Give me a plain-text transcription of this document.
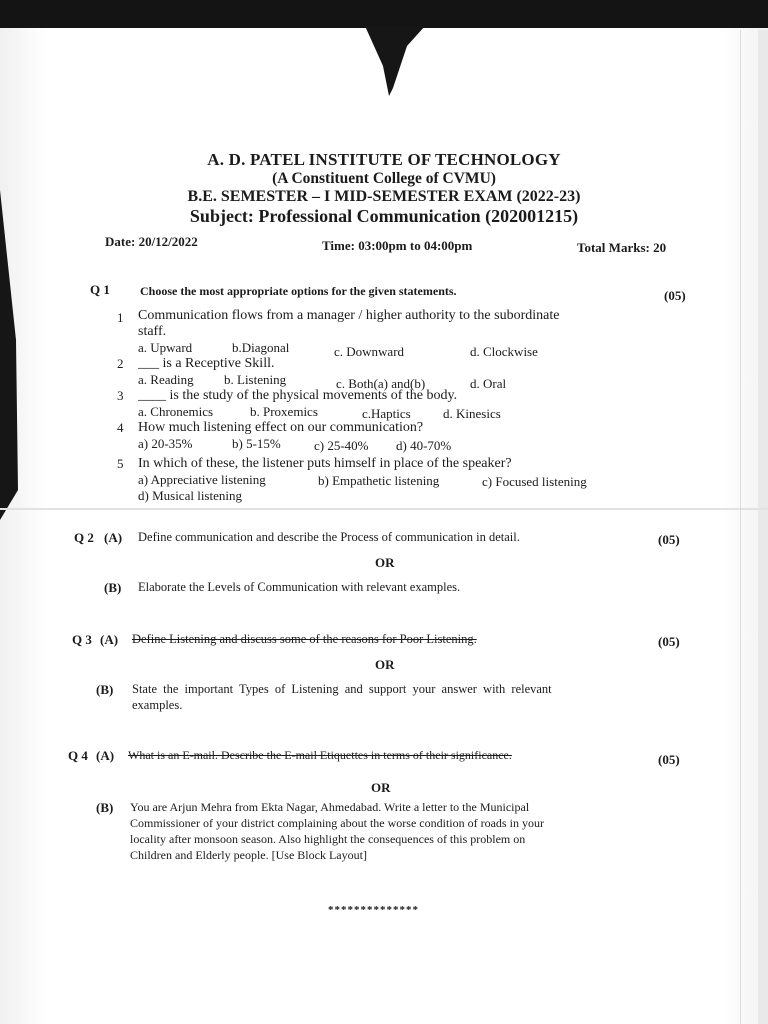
A. D. PATEL INSTITUTE OF TECHNOLOGY
(A Constituent College of CVMU)
B.E. SEMESTER – I MID-SEMESTER EXAM (2022-23)
Subject: Professional Communication (202001215)
Date: 20/12/2022	Time: 03:00pm to 04:00pm	Total Marks: 20
Q 1	Choose the most appropriate options for the given statements.	(05)
1 Communication flows from a manager / higher authority to the subordinate
staff.
a. Upward	b.Diagonal	c. Downward	d. Clockwise
2 ___ is a Receptive Skill.
a. Reading b. Listening	c. Both(a) and(b)	d. Oral
3 ____ is the study of the physical movements of the body.
a. Chronemics	b. Proxemics	c.Haptics d. Kinesics
4 How much listening effect on our communication?
a) 20-35%	b) 5-15%	c) 25-40% d) 40-70%
5 In which of these, the listener puts himself in place of the speaker?
a) Appreciative listening	b) Empathetic listening	c) Focused listening
d) Musical listening
Q 2 (A) Define communication and describe the Process of communication in detail.	(05)
OR
(B) Elaborate the Levels of Communication with relevant examples.
Q 3 (A) Define Listening and discuss some of the reasons for Poor Listening.	(05)
OR
(B) State the important Types of Listening and support your answer with relevant
examples.
Q 4 (A) What is an E-mail. Describe the E-mail Etiquettes in terms of their significance.	(05)
OR
(B) You are Arjun Mehra from Ekta Nagar, Ahmedabad. Write a letter to the Municipal
Commissioner of your district complaining about the worse condition of roads in your
locality after monsoon season. Also highlight the consequences of this problem on
Children and Elderly people. [Use Block Layout]
**************
